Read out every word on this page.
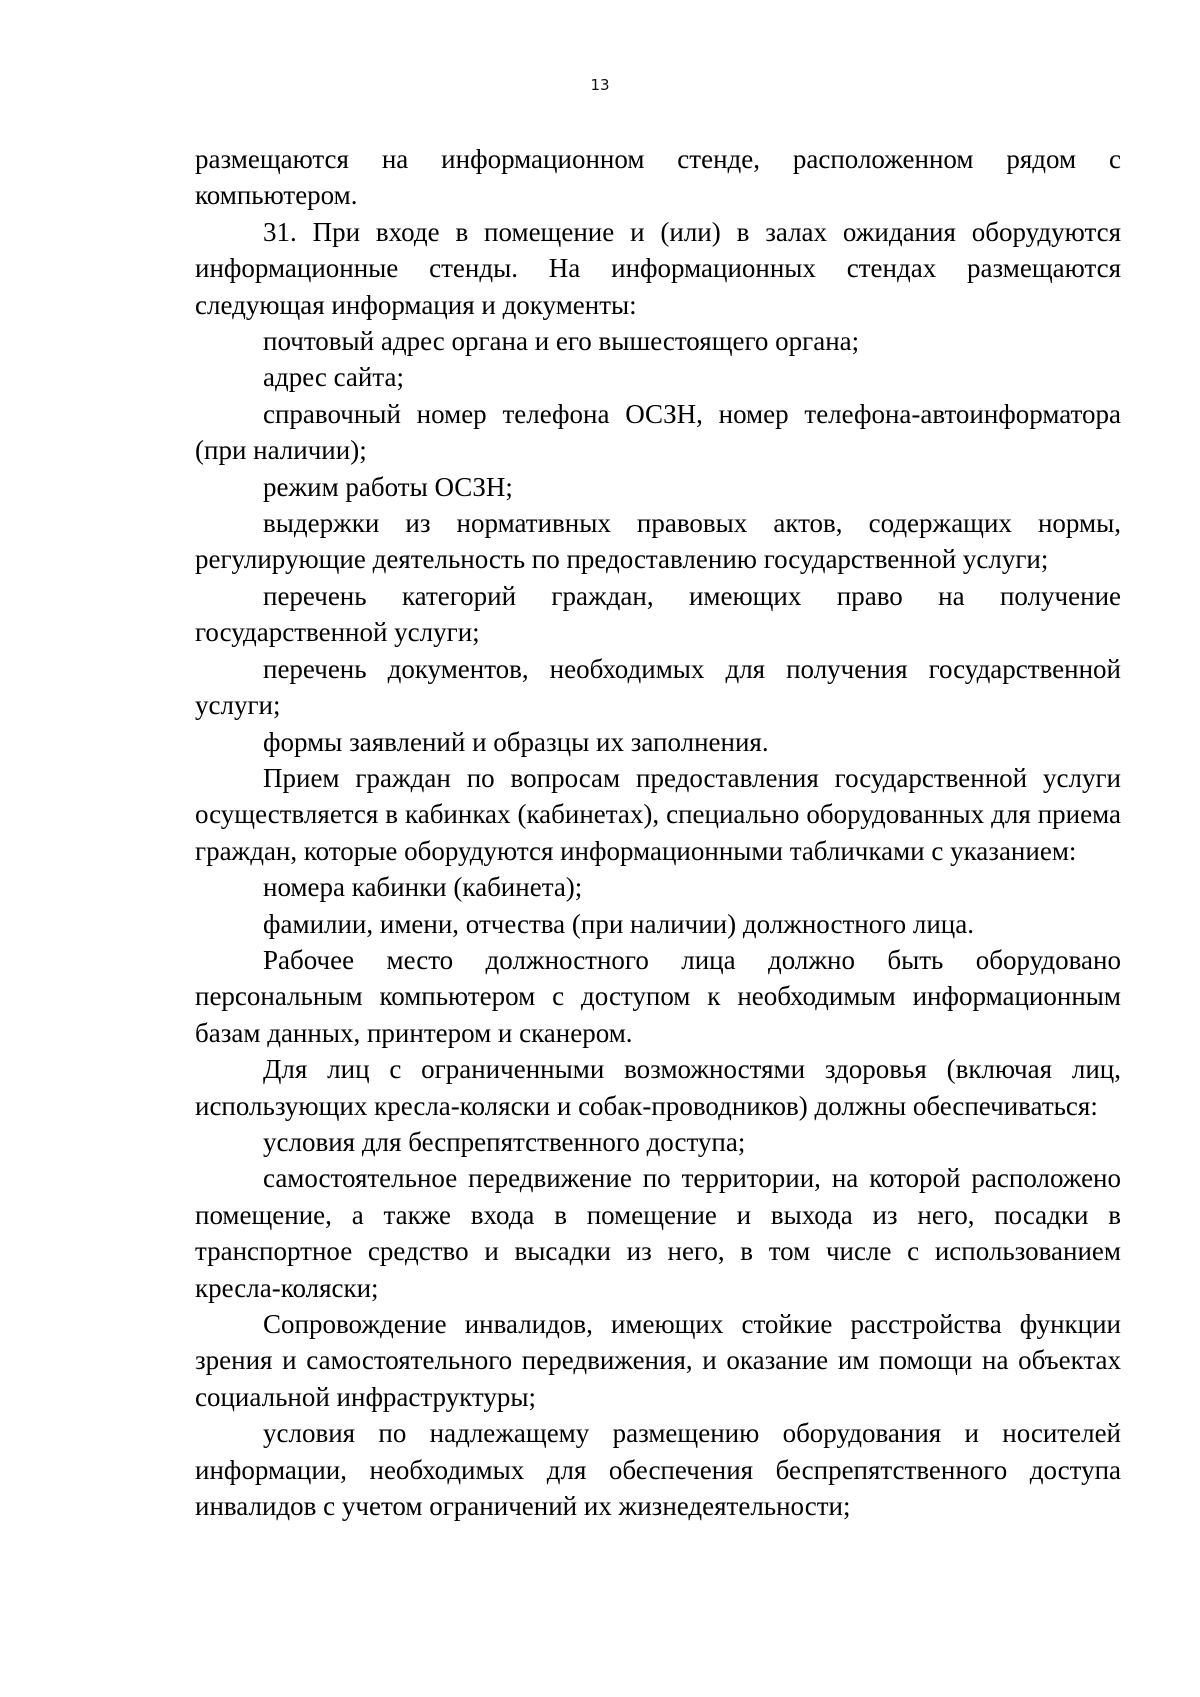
13

размещаются на информационном стенде, расположенном рядом с компьютером.

31. При входе в помещение и (или) в залах ожидания оборудуются информационные стенды. На информационных стендах размещаются следующая информация и документы:

почтовый адрес органа и его вышестоящего органа;

адрес сайта;

справочный номер телефона ОСЗН, номер телефона-автоинформатора (при наличии);

режим работы ОСЗН;

выдержки из нормативных правовых актов, содержащих нормы, регулирующие деятельность по предоставлению государственной услуги;

перечень категорий граждан, имеющих право на получение государственной услуги;

перечень документов, необходимых для получения государственной услуги;

формы заявлений и образцы их заполнения.

Прием граждан по вопросам предоставления государственной услуги осуществляется в кабинках (кабинетах), специально оборудованных для приема граждан, которые оборудуются информационными табличками с указанием:

номера кабинки (кабинета);

фамилии, имени, отчества (при наличии) должностного лица.

Рабочее место должностного лица должно быть оборудовано персональным компьютером с доступом к необходимым информационным базам данных, принтером и сканером.

Для лиц с ограниченными возможностями здоровья (включая лиц, использующих кресла-коляски и собак-проводников) должны обеспечиваться:

условия для беспрепятственного доступа;

самостоятельное передвижение по территории, на которой расположено помещение, а также входа в помещение и выхода из него, посадки в транспортное средство и высадки из него, в том числе с использованием кресла-коляски;

Сопровождение инвалидов, имеющих стойкие расстройства функции зрения и самостоятельного передвижения, и оказание им помощи на объектах социальной инфраструктуры;

условия по надлежащему размещению оборудования и носителей информации, необходимых для обеспечения беспрепятственного доступа инвалидов с учетом ограничений их жизнедеятельности;
